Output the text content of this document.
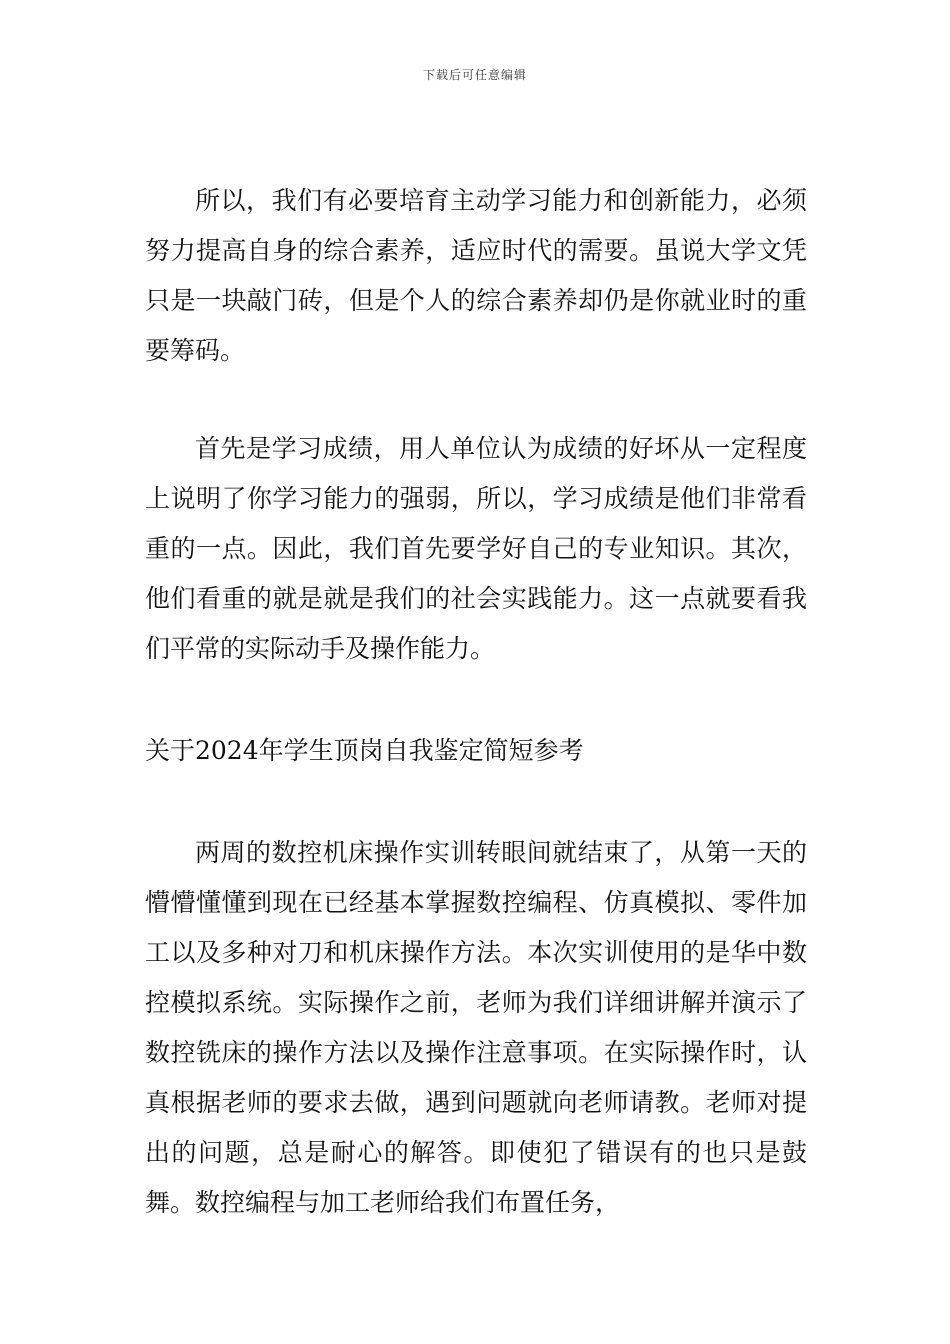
下载后可任意编辑

所以，我们有必要培育主动学习能力和创新能力，必须努力提高自身的综合素养，适应时代的需要。虽说大学文凭只是一块敲门砖，但是个人的综合素养却仍是你就业时的重要筹码。

首先是学习成绩，用人单位认为成绩的好坏从一定程度上说明了你学习能力的强弱，所以，学习成绩是他们非常看重的一点。因此，我们首先要学好自己的专业知识。其次，他们看重的就是就是我们的社会实践能力。这一点就要看我们平常的实际动手及操作能力。

关于2024年学生顶岗自我鉴定简短参考

两周的数控机床操作实训转眼间就结束了，从第一天的懵懵懂懂到现在已经基本掌握数控编程、仿真模拟、零件加工以及多种对刀和机床操作方法。本次实训使用的是华中数控模拟系统。实际操作之前，老师为我们详细讲解并演示了数控铣床的操作方法以及操作注意事项。在实际操作时，认真根据老师的要求去做，遇到问题就向老师请教。老师对提出的问题，总是耐心的解答。即使犯了错误有的也只是鼓舞。数控编程与加工老师给我们布置任务，
